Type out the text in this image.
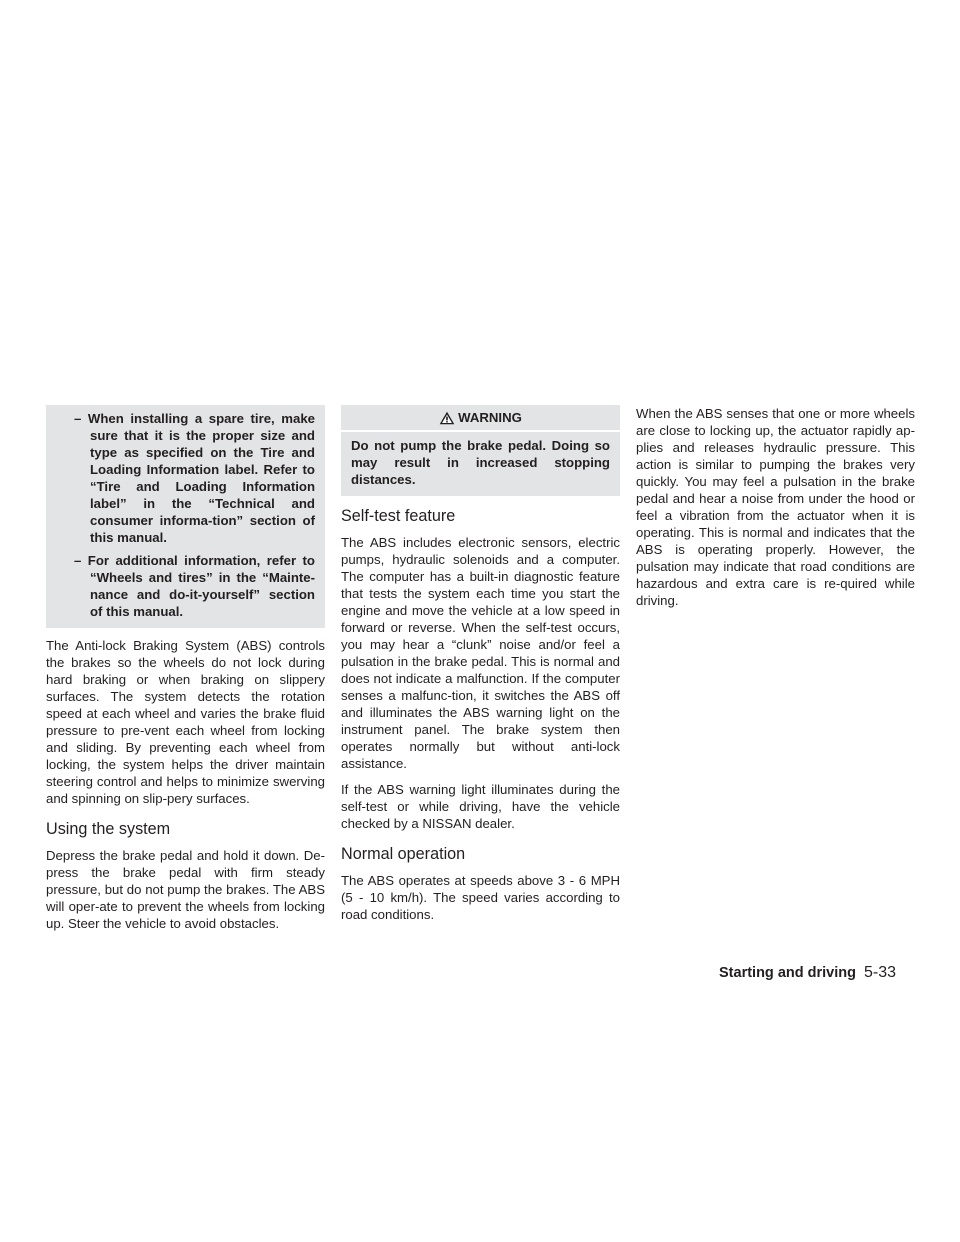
– When installing a spare tire, make sure that it is the proper size and type as specified on the Tire and Loading Information label. Refer to “Tire and Loading Information label” in the “Technical and consumer informa-tion” section of this manual.
– For additional information, refer to “Wheels and tires” in the “Mainte-nance and do-it-yourself” section of this manual.

The Anti-lock Braking System (ABS) controls the brakes so the wheels do not lock during hard braking or when braking on slippery surfaces. The system detects the rotation speed at each wheel and varies the brake fluid pressure to pre-vent each wheel from locking and sliding. By preventing each wheel from locking, the system helps the driver maintain steering control and helps to minimize swerving and spinning on slip-pery surfaces.

Using the system

Depress the brake pedal and hold it down. De-press the brake pedal with firm steady pressure, but do not pump the brakes. The ABS will oper-ate to prevent the wheels from locking up. Steer the vehicle to avoid obstacles.

WARNING
Do not pump the brake pedal. Doing so may result in increased stopping distances.
Self-test feature

The ABS includes electronic sensors, electric pumps, hydraulic solenoids and a computer. The computer has a built-in diagnostic feature that tests the system each time you start the engine and move the vehicle at a low speed in forward or reverse. When the self-test occurs, you may hear a “clunk” noise and/or feel a pulsation in the brake pedal. This is normal and does not indicate a malfunction. If the computer senses a malfunc-tion, it switches the ABS off and illuminates the ABS warning light on the instrument panel. The brake system then operates normally but without anti-lock assistance.

If the ABS warning light illuminates during the self-test or while driving, have the vehicle checked by a NISSAN dealer.

Normal operation

The ABS operates at speeds above 3 - 6 MPH (5 - 10 km/h). The speed varies according to road conditions.

When the ABS senses that one or more wheels are close to locking up, the actuator rapidly ap-plies and releases hydraulic pressure. This action is similar to pumping the brakes very quickly. You may feel a pulsation in the brake pedal and hear a noise from under the hood or feel a vibration from the actuator when it is operating. This is normal and indicates that the ABS is operating properly. However, the pulsation may indicate that road conditions are hazardous and extra care is re-quired while driving.

Starting and driving 5-33
